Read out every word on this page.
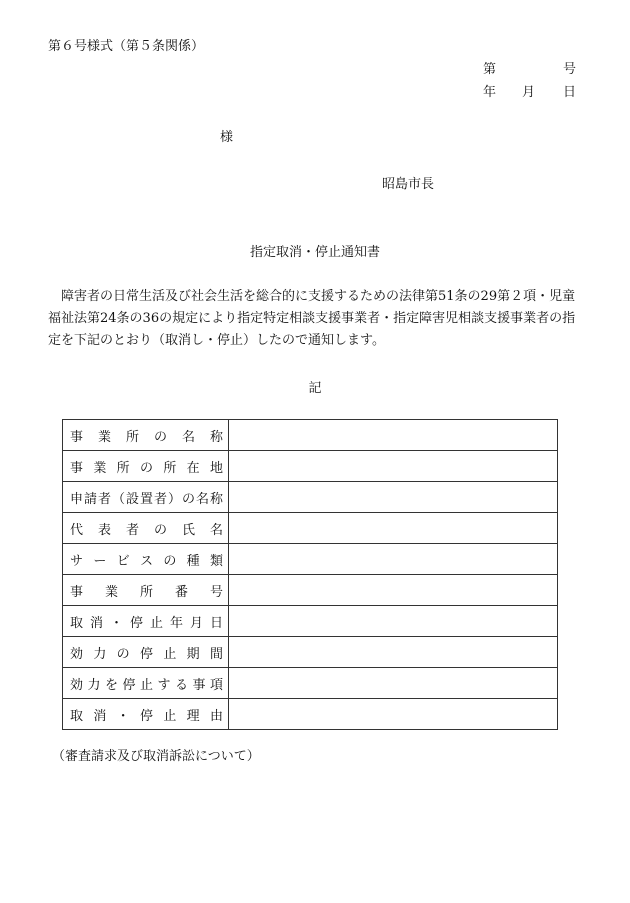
第６号様式（第５条関係）
第	号
年 月 日
様
昭島市長
指定取消・停止通知書

障害者の日常生活及び社会生活を総合的に支援するための法律第51条の29第２項・児童福祉法第24条の36の規定により指定特定相談支援事業者・指定障害児相談支援事業者の指定を下記のとおり（取消し・停止）したので通知します。

記
事業所の名称	
事業所の所在地	
申請者（設置者）の名称	
代表者の氏名	
サービスの種類	
事業所番号	
取消・停止年月日	
効力の停止期間	
効力を停止する事項	
取消・停止理由	
（審査請求及び取消訴訟について）
